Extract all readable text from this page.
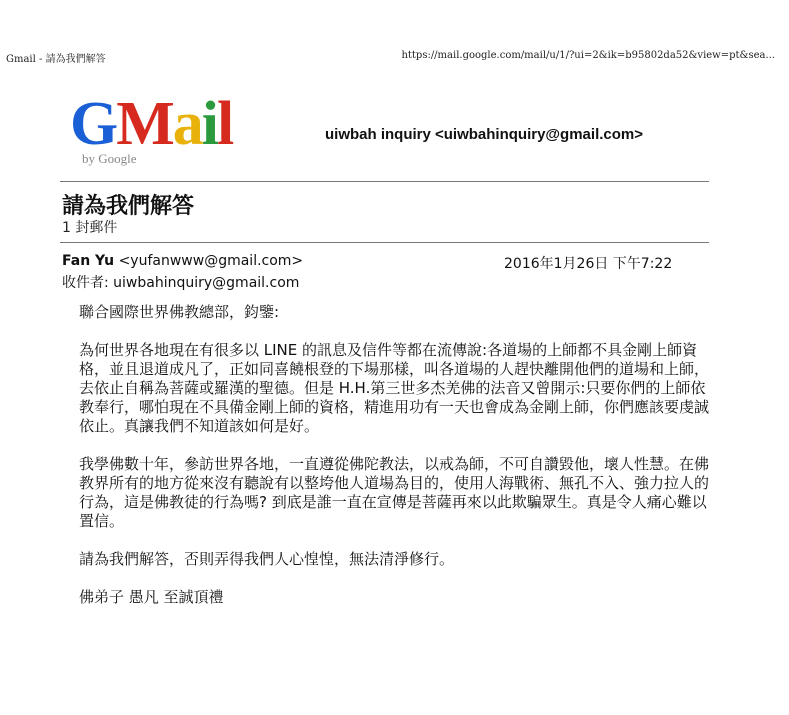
Gmail - 請為我們解答	https://mail.google.com/mail/u/1/?ui=2&ik=b95802da52&view=pt&sea...
GMail
by Google
uiwbah inquiry <uiwbahinquiry@gmail.com>
請為我們解答
1 封郵件
Fan Yu <yufanwww@gmail.com>	2016年1月26日 下午7:22
收件者: uiwbahinquiry@gmail.com

聯合國際世界佛教總部，鈞鑒:

為何世界各地現在有很多以 LINE 的訊息及信件等都在流傳說:各道場的上師都不具金剛上師資格，並且退道成凡了，正如同喜饒根登的下場那樣，叫各道場的人趕快離開他們的道場和上師，去依止自稱為菩薩或羅漢的聖德。但是 H.H.第三世多杰羌佛的法音又曾開示:只要你們的上師依教奉行，哪怕現在不具備金剛上師的資格，精進用功有一天也會成為金剛上師，你們應該要虔誠依止。真讓我們不知道該如何是好。

我學佛數十年，參訪世界各地，一直遵從佛陀教法，以戒為師，不可自讚毀他，壞人性慧。在佛教界所有的地方從來沒有聽說有以整垮他人道場為目的，使用人海戰術、無孔不入、強力拉人的行為，這是佛教徒的行為嗎? 到底是誰一直在宣傳是菩薩再來以此欺騙眾生。真是令人痛心難以置信。

請為我們解答，否則弄得我們人心惶惶，無法清淨修行。

佛弟子 愚凡 至誠頂禮
